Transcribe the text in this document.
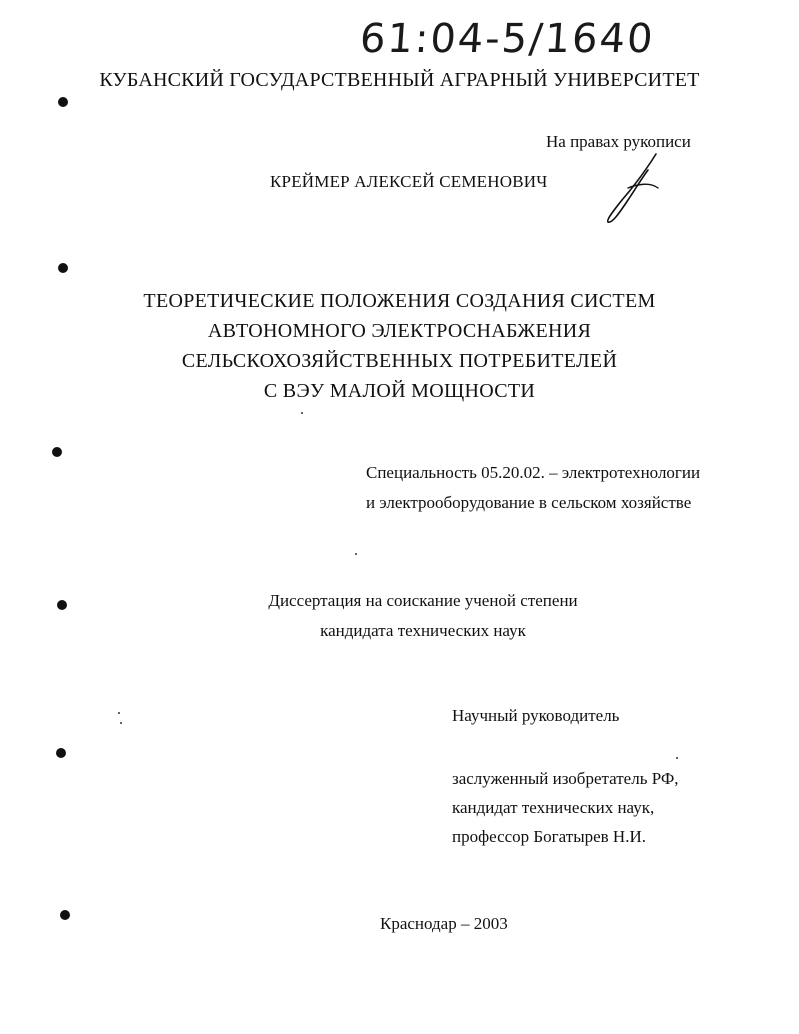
61:04-5/1640
КУБАНСКИЙ ГОСУДАРСТВЕННЫЙ АГРАРНЫЙ УНИВЕРСИТЕТ
На правах рукописи
КРЕЙМЕР АЛЕКСЕЙ СЕМЕНОВИЧ
ТЕОРЕТИЧЕСКИЕ ПОЛОЖЕНИЯ СОЗДАНИЯ СИСТЕМ
АВТОНОМНОГО ЭЛЕКТРОСНАБЖЕНИЯ
СЕЛЬСКОХОЗЯЙСТВЕННЫХ ПОТРЕБИТЕЛЕЙ
С ВЭУ МАЛОЙ МОЩНОСТИ
Специальность 05.20.02. – электротехнологии
и электрооборудование в сельском хозяйстве
Диссертация на соискание ученой степени
кандидата технических наук
Научный руководитель
заслуженный изобретатель РФ,
кандидат технических наук,
профессор Богатырев Н.И.
Краснодар – 2003
